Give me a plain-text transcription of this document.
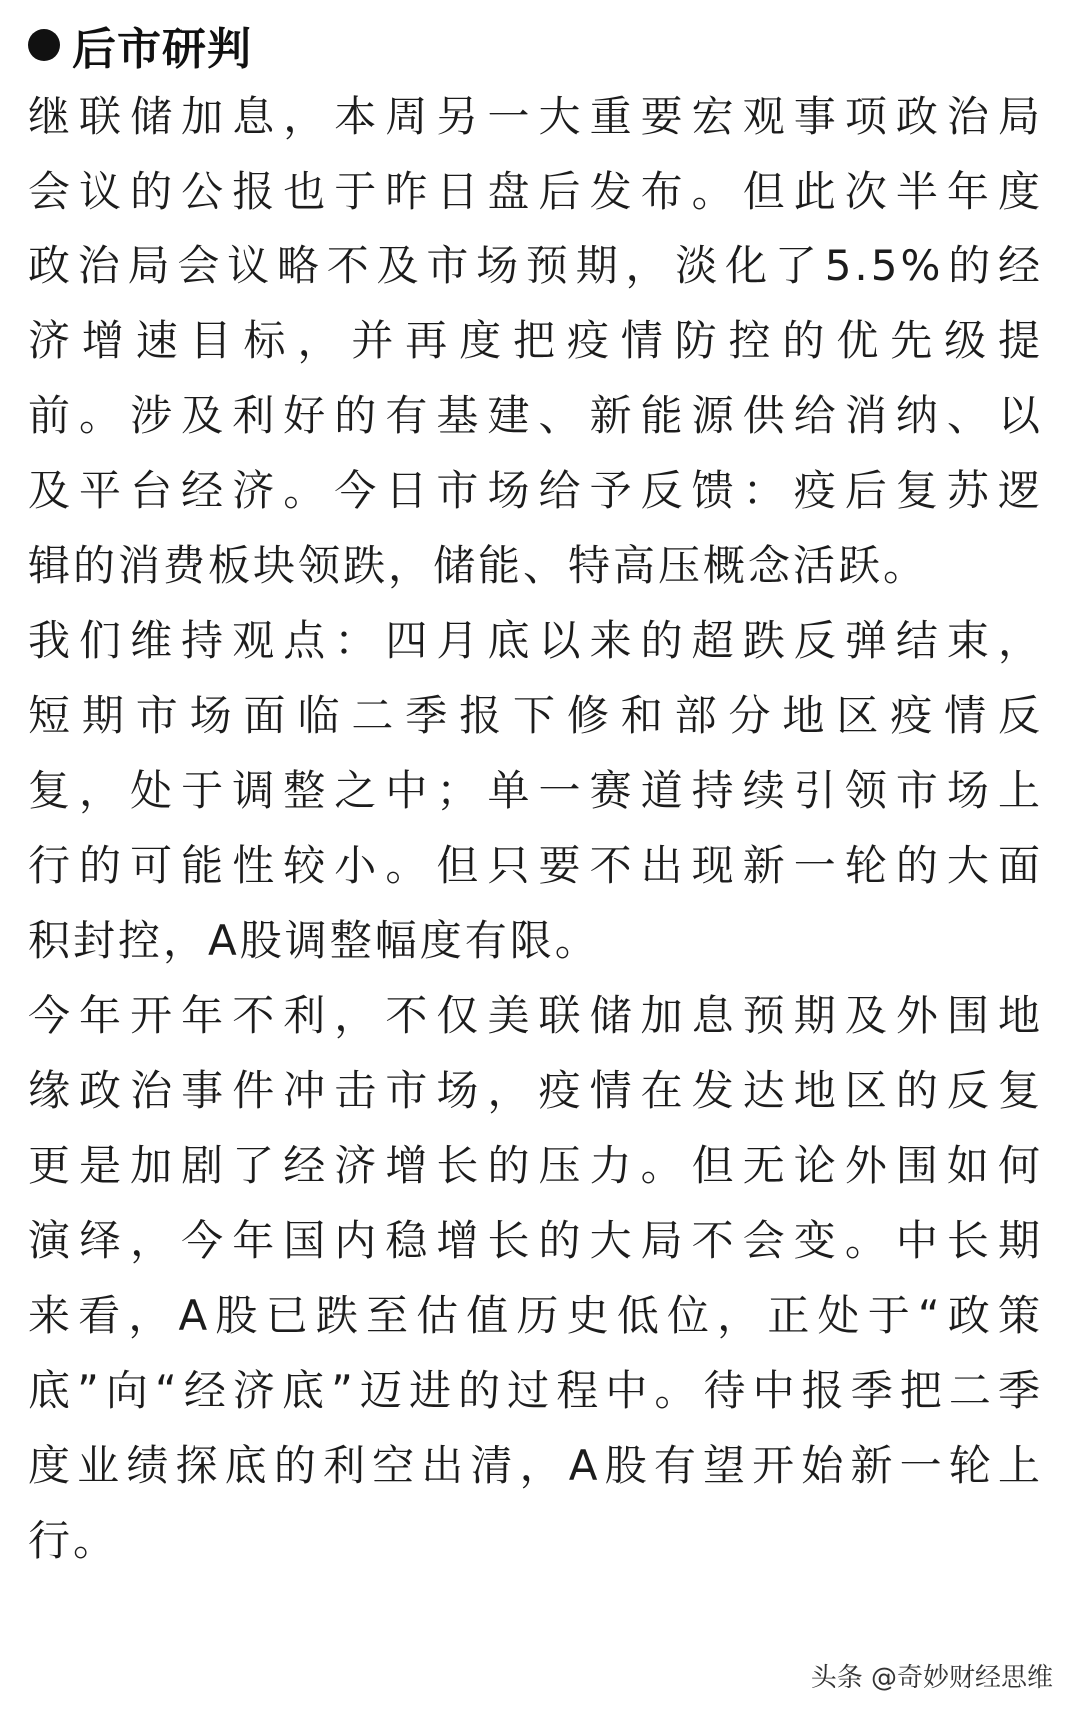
后市研判
继联储加息，本周另一大重要宏观事项政治局
会议的公报也于昨日盘后发布。但此次半年度
政治局会议略不及市场预期，淡化了5.5%的经
济增速目标，并再度把疫情防控的优先级提
前。涉及利好的有基建、新能源供给消纳、以
及平台经济。今日市场给予反馈：疫后复苏逻
辑的消费板块领跌，储能、特高压概念活跃。
我们维持观点：四月底以来的超跌反弹结束，
短期市场面临二季报下修和部分地区疫情反
复，处于调整之中；单一赛道持续引领市场上
行的可能性较小。但只要不出现新一轮的大面
积封控，A股调整幅度有限。
今年开年不利，不仅美联储加息预期及外围地
缘政治事件冲击市场，疫情在发达地区的反复
更是加剧了经济增长的压力。但无论外围如何
演绎，今年国内稳增长的大局不会变。中长期
来看，A股已跌至估值历史低位，正处于“政策
底”向“经济底”迈进的过程中。待中报季把二季
度业绩探底的利空出清，A股有望开始新一轮上
行。
头条 @奇妙财经思维
